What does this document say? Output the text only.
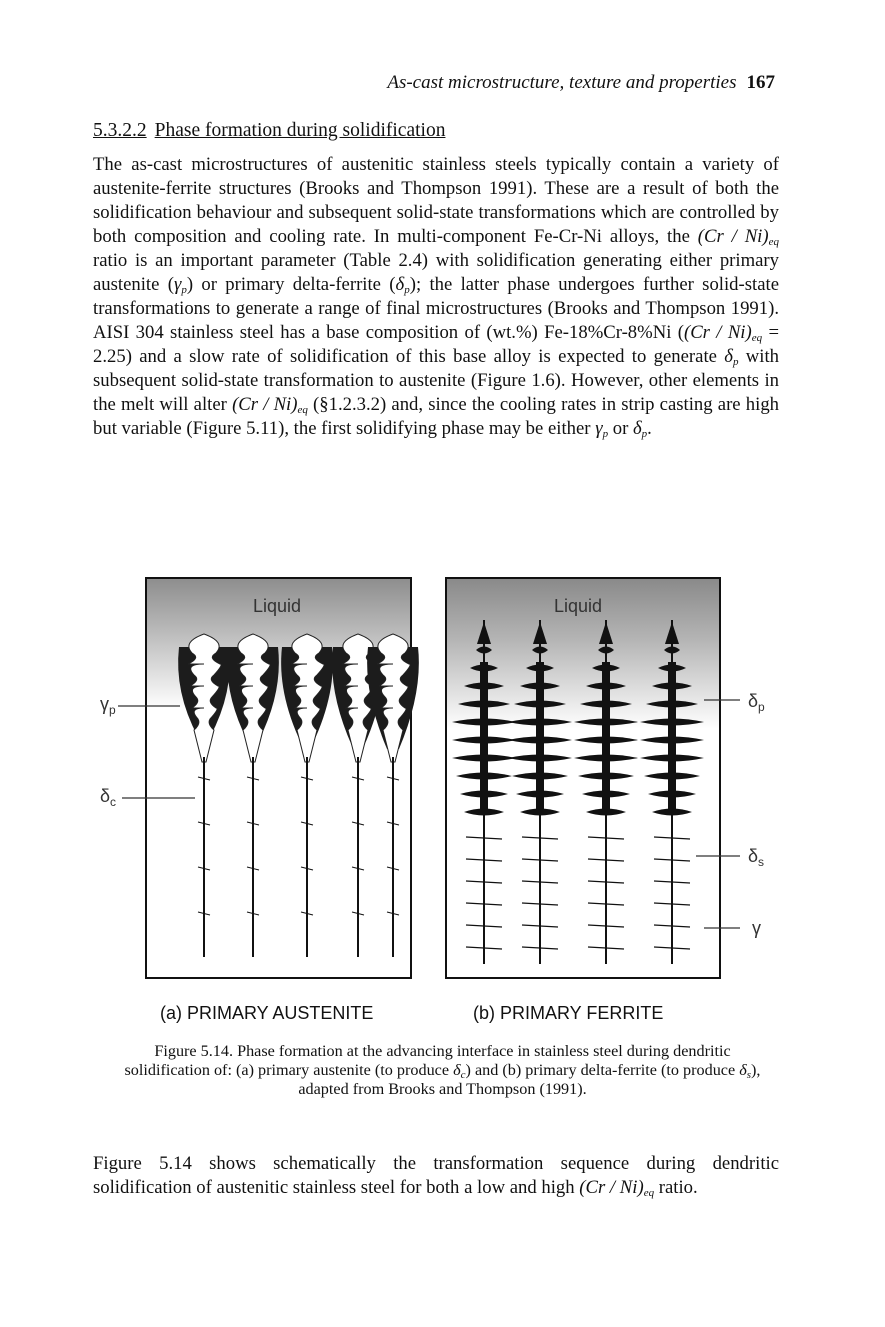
As-cast microstructure, texture and properties 167
5.3.2.2 Phase formation during solidification

The as-cast microstructures of austenitic stainless steels typically contain a variety of austenite-ferrite structures (Brooks and Thompson 1991). These are a result of both the solidification behaviour and subsequent solid-state transformations which are controlled by both composition and cooling rate. In multi-component Fe-Cr-Ni alloys, the $(Cr / Ni)_{eq}$ ratio is an important parameter (Table 2.4) with solidification generating either primary austenite $(\gamma_p)$ or primary delta-ferrite $(\delta_p)$; the latter phase undergoes further solid-state transformations to generate a range of final microstructures (Brooks and Thompson 1991). AISI 304 stainless steel has a base composition of (wt.%) Fe-18%Cr-8%Ni $((Cr / Ni)_{eq} = 2.25)$ and a slow rate of solidification of this base alloy is expected to generate $\delta_p$ with subsequent solid-state transformation to austenite (Figure 1.6). However, other elements in the melt will alter $(Cr / Ni)_{eq}$ (§1.2.3.2) and, since the cooling rates in strip casting are high but variable (Figure 5.11), the first solidifying phase may be either $\gamma_p$ or $\delta_p$.

Liquid
$\gamma_p$
$\delta_c$
Liquid
$\delta_p$
$\delta_s$
γ
(a) PRIMARY AUSTENITE	(b) PRIMARY FERRITE

Figure 5.14. Phase formation at the advancing interface in stainless steel during dendritic solidification of: (a) primary austenite (to produce $\delta_c$) and (b) primary delta-ferrite (to produce $\delta_s$), adapted from Brooks and Thompson (1991).

Figure 5.14 shows schematically the transformation sequence during dendritic solidification of austenitic stainless steel for both a low and high $(Cr / Ni)_{eq}$ ratio.
